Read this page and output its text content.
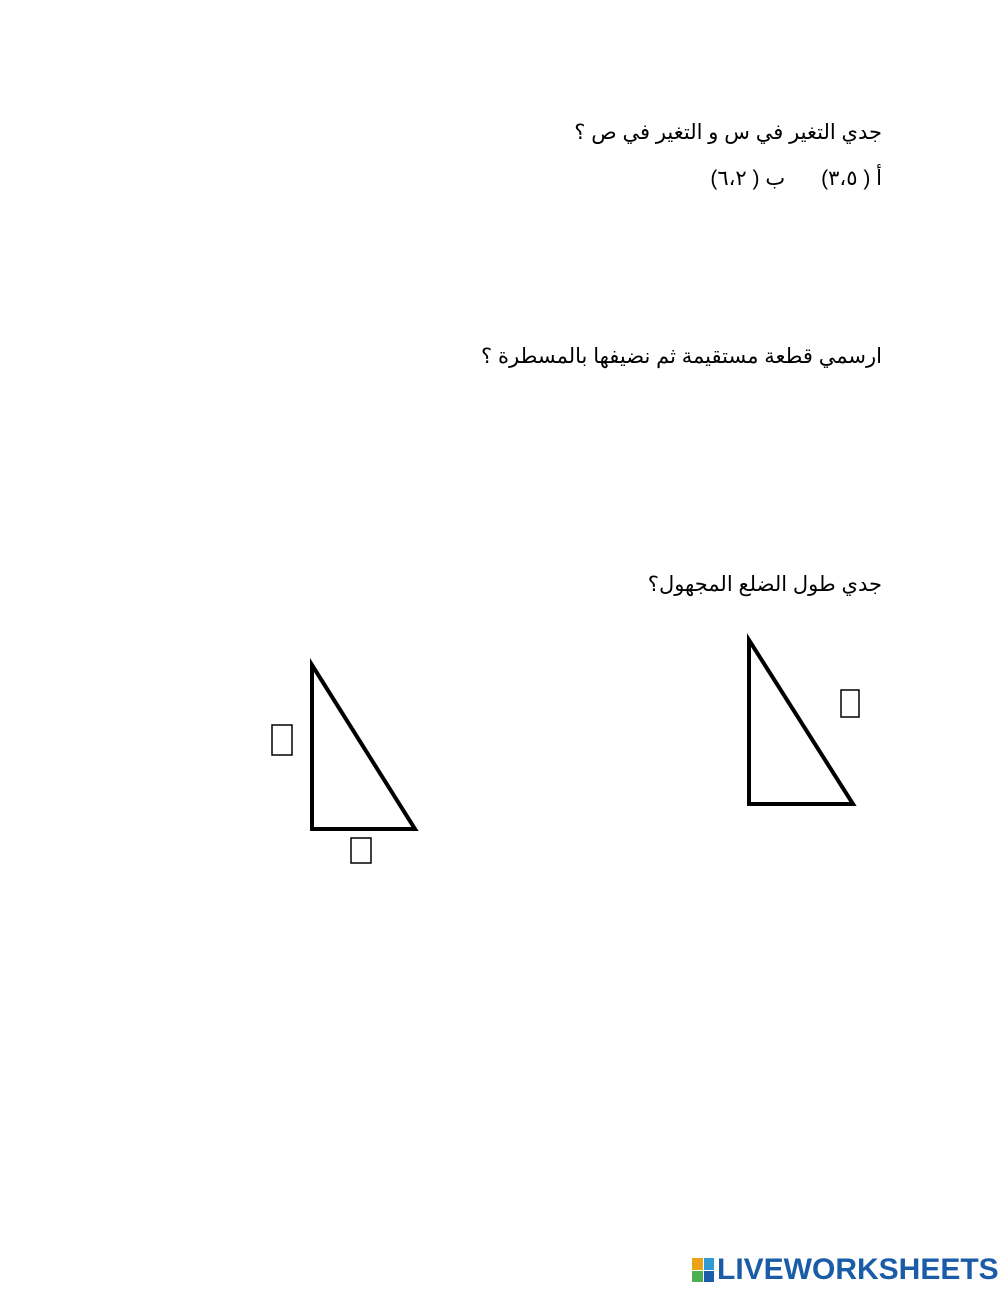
جدي التغير في س و التغير في ص ؟
أ ( ٣،٥)ب ( ٦،٢)
ارسمي قطعة مستقيمة ثم نضيفها بالمسطرة ؟
جدي طول الضلع المجهول؟
LIVEWORKSHEETS
